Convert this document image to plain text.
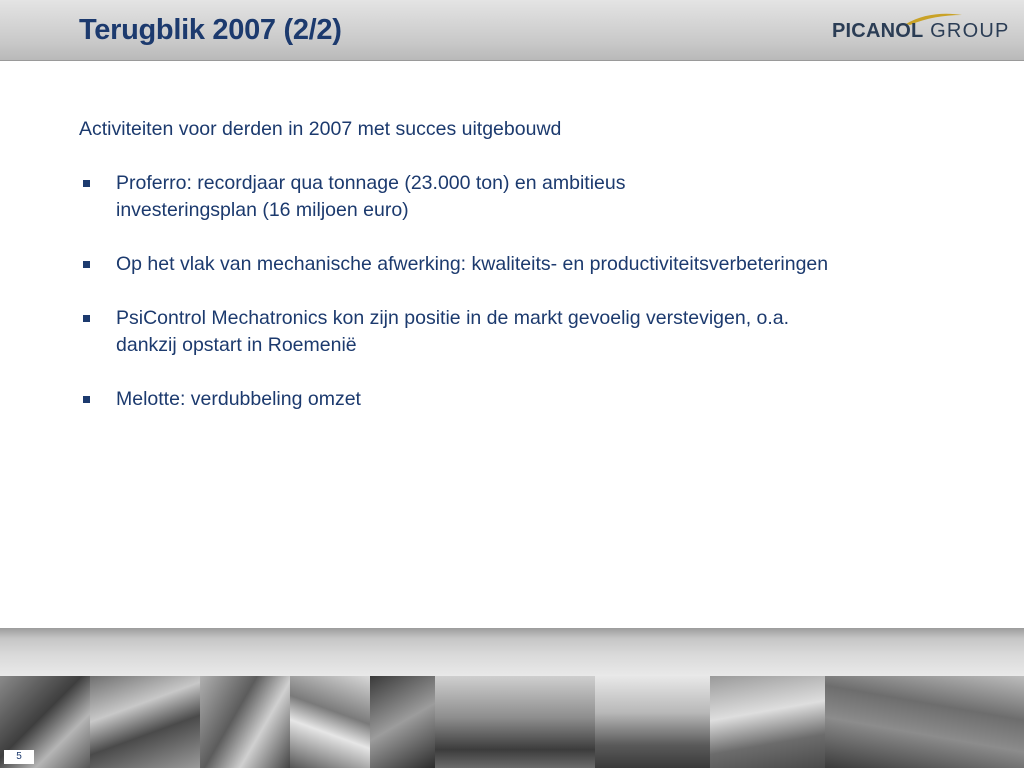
Terugblik 2007 (2/2)	PICANOL GROUP

Activiteiten voor derden in 2007 met succes uitgebouwd

Proferro: recordjaar qua tonnage (23.000 ton) en ambitieus
investeringsplan (16 miljoen euro)
Op het vlak van mechanische afwerking: kwaliteits- en productiviteitsverbeteringen
PsiControl Mechatronics kon zijn positie in de markt gevoelig verstevigen, o.a.
dankzij opstart in Roemenië
Melotte: verdubbeling omzet
5
